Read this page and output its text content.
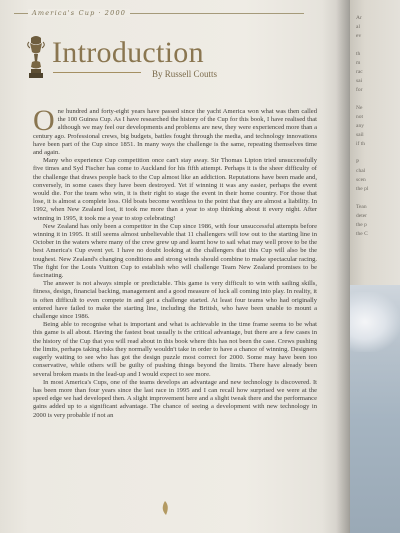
America's Cup · 2000
Introduction
By Russell Coutts

One hundred and forty-eight years have passed since the yacht America won what was then called the 100 Guinea Cup. As I have researched the history of the Cup for this book, I have realised that although we may feel our developments and problems are new, they were experienced more than a century ago. Professional crews, big budgets, battles fought through the media, and technology innovations have been part of the Cup since 1851. In many ways the challenge is the same, repeating themselves time and again.

Many who experience Cup competition once can't stay away. Sir Thomas Lipton tried unsuccessfully five times and Syd Fischer has come to Auckland for his fifth attempt. Perhaps it is the sheer difficulty of the challenge that draws people back to the Cup almost like an addiction. Reputations have been made and, conversely, in some cases they have been destroyed. Yet if winning it was any easier, perhaps the event would die. For the team who win, it is their right to stage the event in their home country. For those that lose, it is almost a complete loss. Old boats become worthless to the point that they are almost a liability. In 1992, when New Zealand lost, it took me more than a year to stop thinking about it every night. After winning in 1995, it took me a year to stop celebrating!

New Zealand has only been a competitor in the Cup since 1986, with four unsuccessful attempts before winning it in 1995. It still seems almost unbelievable that 11 challengers will tow out to the starting line in October in the waters where many of the crew grew up and learnt how to sail what may well prove to be the best America's Cup event yet. I have no doubt looking at the challengers that this Cup will also be the toughest. New Zealand's changing conditions and strong winds should combine to make spectacular racing. The fight for the Louis Vuitton Cup to establish who will challenge Team New Zealand promises to be fascinating.

The answer is not always simple or predictable. This game is very difficult to win with sailing skills, fitness, design, financial backing, management and a good measure of luck all coming into play. In reality, it is often difficult to even compete in and get a challenge started. At least four teams who had originally entered have failed to make the starting line, including the British, who have been unable to mount a challenge since 1986.

Being able to recognise what is important and what is achievable in the time frame seems to be what this game is all about. Having the fastest boat usually is the critical advantage, but there are a few cases in the history of the Cup that you will read about in this book where this has not been the case. Crews pushing the limits, perhaps taking risks they normally wouldn't take in order to have a chance of winning. Designers eagerly waiting to see who has got the design puzzle most correct for 2000. Some may have been too conservative, while others will be guilty of pushing things beyond the limits. There have already been several broken masts in the lead-up and I would expect to see more.

In most America's Cups, one of the teams develops an advantage and new technology is discovered. It has been more than four years since the last race in 1995 and I can recall how surprised we were at the speed edge we had developed then. A slight improvement here and a slight tweak there and the performance gains added up to a significant advantage. The chance of seeing a development with new technology in 2000 is very probable if not an

Ar
al
ev

th
m
rac
sai
for

Ne
not
any
sail
if th

P
chal
scen
the pl

Tean
deter
the p
the C
